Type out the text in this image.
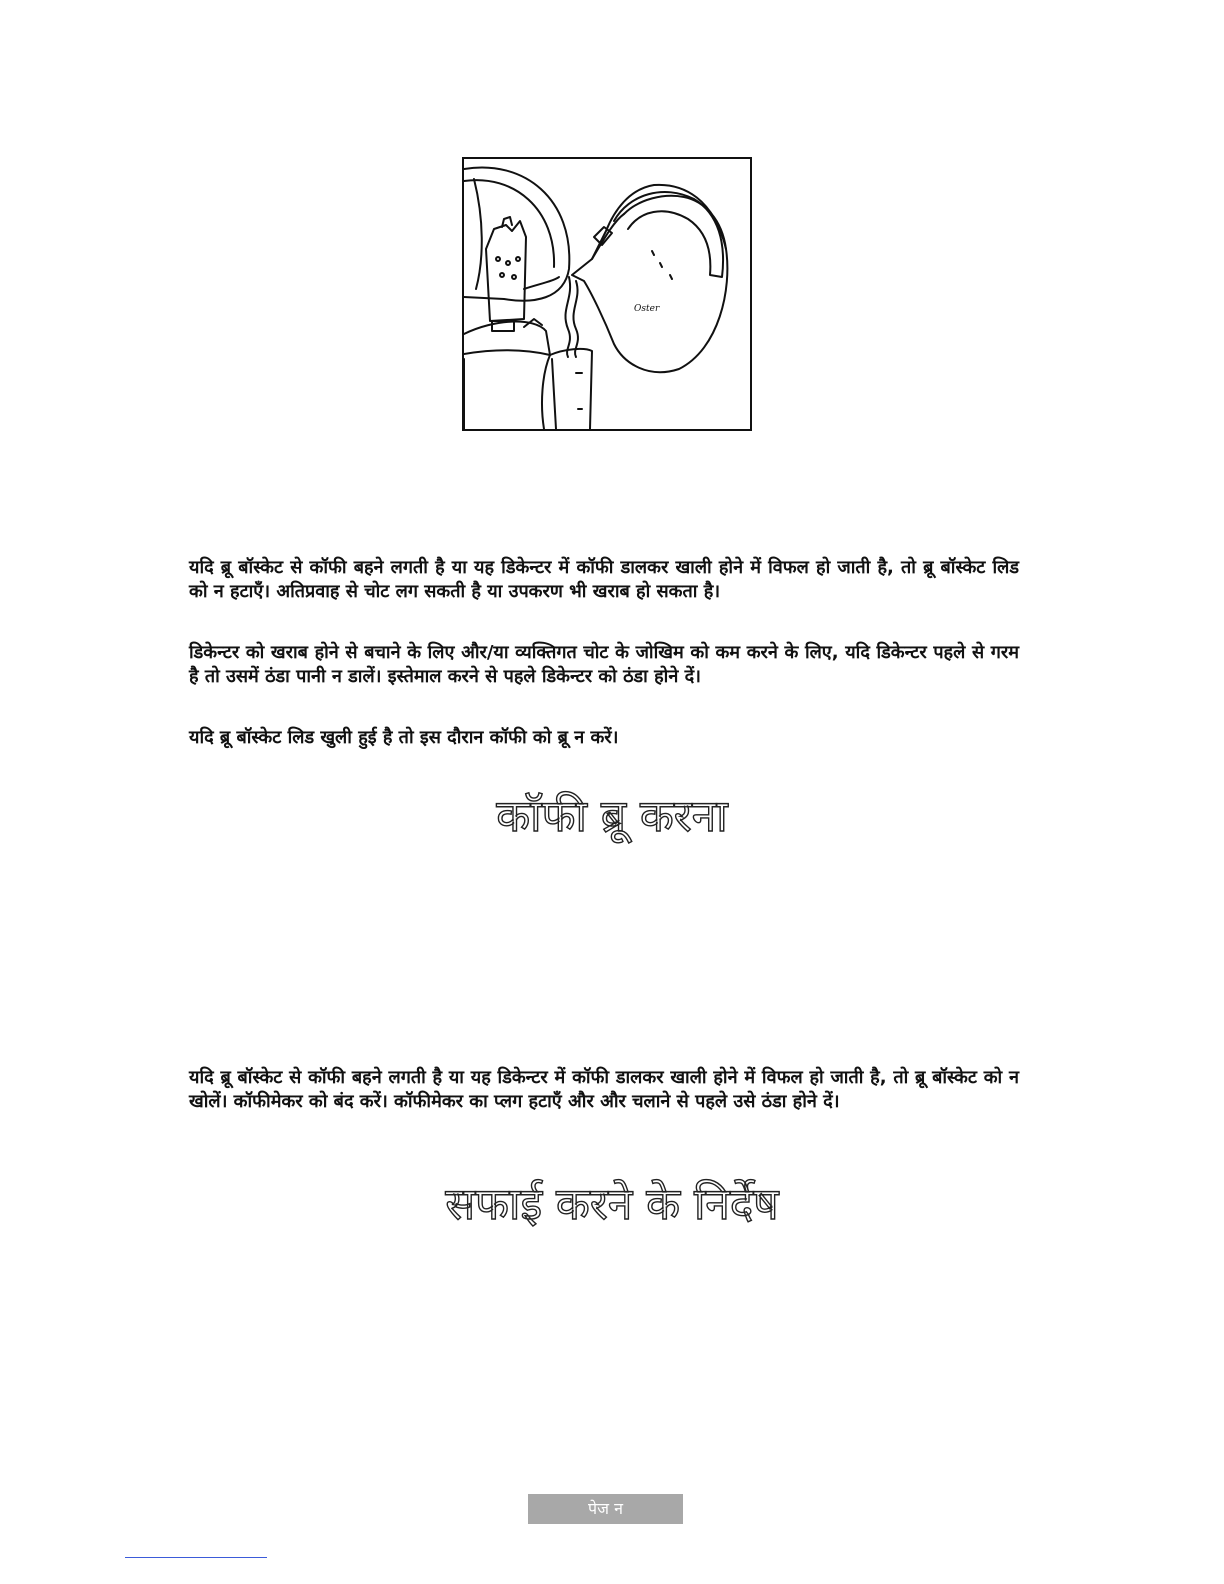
Oster

यदि ब्रू बॉस्केट से कॉफी बहने लगती है या यह डिकेन्टर में कॉफी डालकर खाली होने में विफल हो जाती है, तो ब्रू बॉस्केट लिड को न हटाएँ। अतिप्रवाह से चोट लग सकती है या उपकरण भी खराब हो सकता है।

डिकेन्टर को खराब होने से बचाने के लिए और/या व्यक्तिगत चोट के जोखिम को कम करने के लिए, यदि डिकेन्टर पहले से गरम है तो उसमें ठंडा पानी न डालें। इस्तेमाल करने से पहले डिकेन्टर को ठंडा होने दें।

यदि ब्रू बॉस्केट लिड खुली हुई है तो इस दौरान कॉफी को ब्रू न करें।

कॉफी ब्रू करना

यदि ब्रू बॉस्केट से कॉफी बहने लगती है या यह डिकेन्टर में कॉफी डालकर खाली होने में विफल हो जाती है, तो ब्रू बॉस्केट को न खोलें। कॉफीमेकर को बंद करें। कॉफीमेकर का प्लग हटाएँ और और चलाने से पहले उसे ठंडा होने दें।

सफाई करने के निर्देष
पेज न
